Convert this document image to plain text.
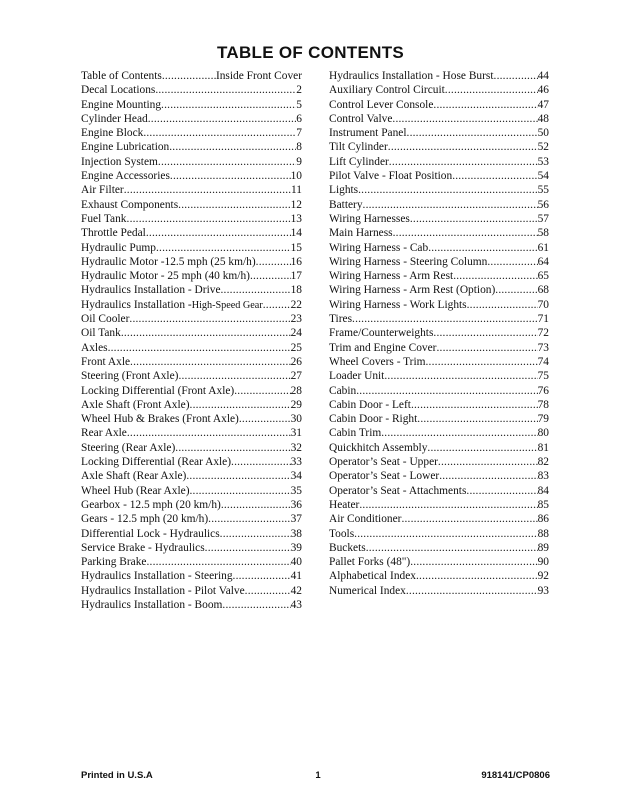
TABLE OF CONTENTS
Table of Contents .....	Inside Front Cover
Decal Locations .....	2
Engine Mounting .....	5
Cylinder Head .....	6
Engine Block .....	7
Engine Lubrication .....	8
Injection System .....	9
Engine Accessories .....	10
Air Filter .....	11
Exhaust Components .....	12
Fuel Tank .....	13
Throttle Pedal .....	14
Hydraulic Pump .....	15
Hydraulic Motor -12.5 mph (25 km/h) .....	16
Hydraulic Motor - 25 mph (40 km/h) .....	17
Hydraulics Installation - Drive .....	18
Hydraulics Installation - High-Speed Gear ..... 22
Oil Cooler .....	23
Oil Tank .....	24
Axles .....	25
Front Axle .....	26
Steering (Front Axle) .....	27
Locking Differential (Front Axle) .....	28
Axle Shaft (Front Axle) .....	29
Wheel Hub & Brakes (Front Axle) .....	30
Rear Axle .....	31
Steering (Rear Axle) .....	32
Locking Differential (Rear Axle) .....	33
Axle Shaft (Rear Axle) .....	34
Wheel Hub (Rear Axle) .....	35
Gearbox - 12.5 mph (20 km/h) .....	36
Gears - 12.5 mph (20 km/h) .....	37
Differential Lock - Hydraulics .....	38
Service Brake - Hydraulics .....	39
Parking Brake .....	40
Hydraulics Installation - Steering .....	41
Hydraulics Installation - Pilot Valve .....	42
Hydraulics Installation - Boom .....	43
Hydraulics Installation - Hose Burst .....	44
Auxiliary Control Circuit .....	46
Control Lever Console .....	47
Control Valve .....	48
Instrument Panel .....	50
Tilt Cylinder .....	52
Lift Cylinder .....	53
Pilot Valve - Float Position .....	54
Lights .....	55
Battery .....	56
Wiring Harnesses .....	57
Main Harness .....	58
Wiring Harness - Cab .....	61
Wiring Harness - Steering Column .....	64
Wiring Harness - Arm Rest .....	65
Wiring Harness - Arm Rest (Option) .....	68
Wiring Harness - Work Lights .....	70
Tires .....	71
Frame/Counterweights .....	72
Trim and Engine Cover .....	73
Wheel Covers - Trim .....	74
Loader Unit .....	75
Cabin .....	76
Cabin Door - Left .....	78
Cabin Door - Right .....	79
Cabin Trim .....	80
Quickhitch Assembly .....	81
Operator’s Seat - Upper .....	82
Operator’s Seat - Lower .....	83
Operator’s Seat - Attachments .....	84
Heater .....	85
Air Conditioner .....	86
Tools .....	88
Buckets .....	89
Pallet Forks (48") .....	90
Alphabetical Index .....	92
Numerical Index .....	93
Printed in U.S.A	1	918141/CP0806
